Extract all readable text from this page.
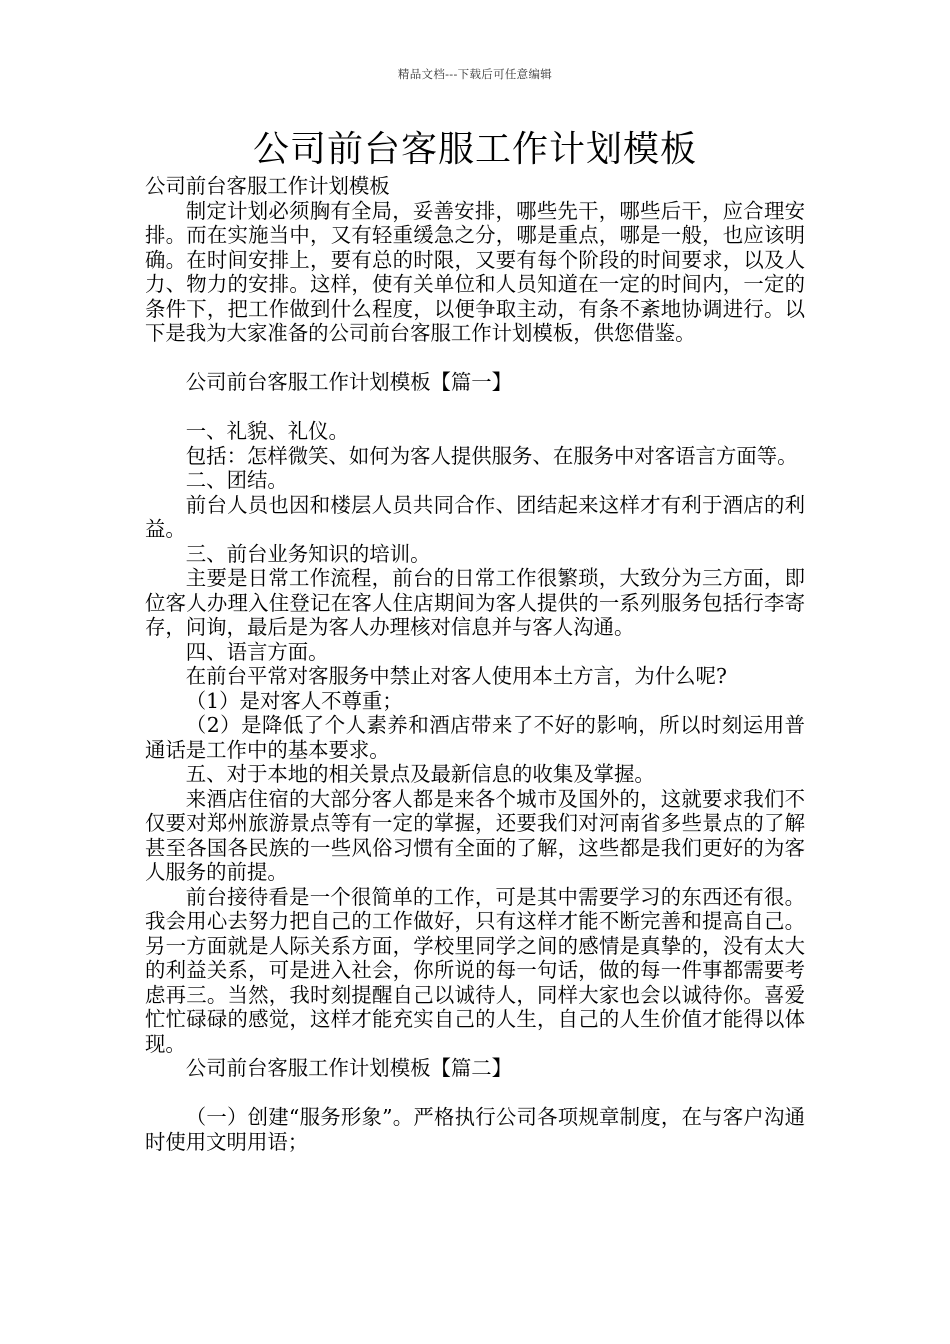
精品文档---下载后可任意编辑
公司前台客服工作计划模板

公司前台客服工作计划模板

制定计划必须胸有全局，妥善安排，哪些先干，哪些后干，应合理安排。而在实施当中，又有轻重缓急之分，哪是重点，哪是一般，也应该明确。在时间安排上，要有总的时限，又要有每个阶段的时间要求，以及人力、物力的安排。这样，使有关单位和人员知道在一定的时间内，一定的条件下，把工作做到什么程度，以便争取主动，有条不紊地协调进行。以下是我为大家准备的公司前台客服工作计划模板，供您借鉴。

公司前台客服工作计划模板【篇一】

一、礼貌、礼仪。

包括：怎样微笑、如何为客人提供服务、在服务中对客语言方面等。

二、团结。

前台人员也因和楼层人员共同合作、团结起来这样才有利于酒店的利益。

三、前台业务知识的培训。

主要是日常工作流程，前台的日常工作很繁琐，大致分为三方面，即位客人办理入住登记在客人住店期间为客人提供的一系列服务包括行李寄存，问询，最后是为客人办理核对信息并与客人沟通。

四、语言方面。

在前台平常对客服务中禁止对客人使用本土方言，为什么呢?

（1）是对客人不尊重；

（2）是降低了个人素养和酒店带来了不好的影响，所以时刻运用普通话是工作中的基本要求。

五、对于本地的相关景点及最新信息的收集及掌握。

来酒店住宿的大部分客人都是来各个城市及国外的，这就要求我们不仅要对郑州旅游景点等有一定的掌握，还要我们对河南省多些景点的了解甚至各国各民族的一些风俗习惯有全面的了解，这些都是我们更好的为客人服务的前提。

前台接待看是一个很简单的工作，可是其中需要学习的东西还有很。我会用心去努力把自己的工作做好，只有这样才能不断完善和提高自己。另一方面就是人际关系方面，学校里同学之间的感情是真挚的，没有太大的利益关系，可是进入社会，你所说的每一句话，做的每一件事都需要考虑再三。当然，我时刻提醒自己以诚待人，同样大家也会以诚待你。喜爱忙忙碌碌的感觉，这样才能充实自己的人生，自己的人生价值才能得以体现。

公司前台客服工作计划模板【篇二】

（一）创建“服务形象”。严格执行公司各项规章制度，在与客户沟通时使用文明用语；
